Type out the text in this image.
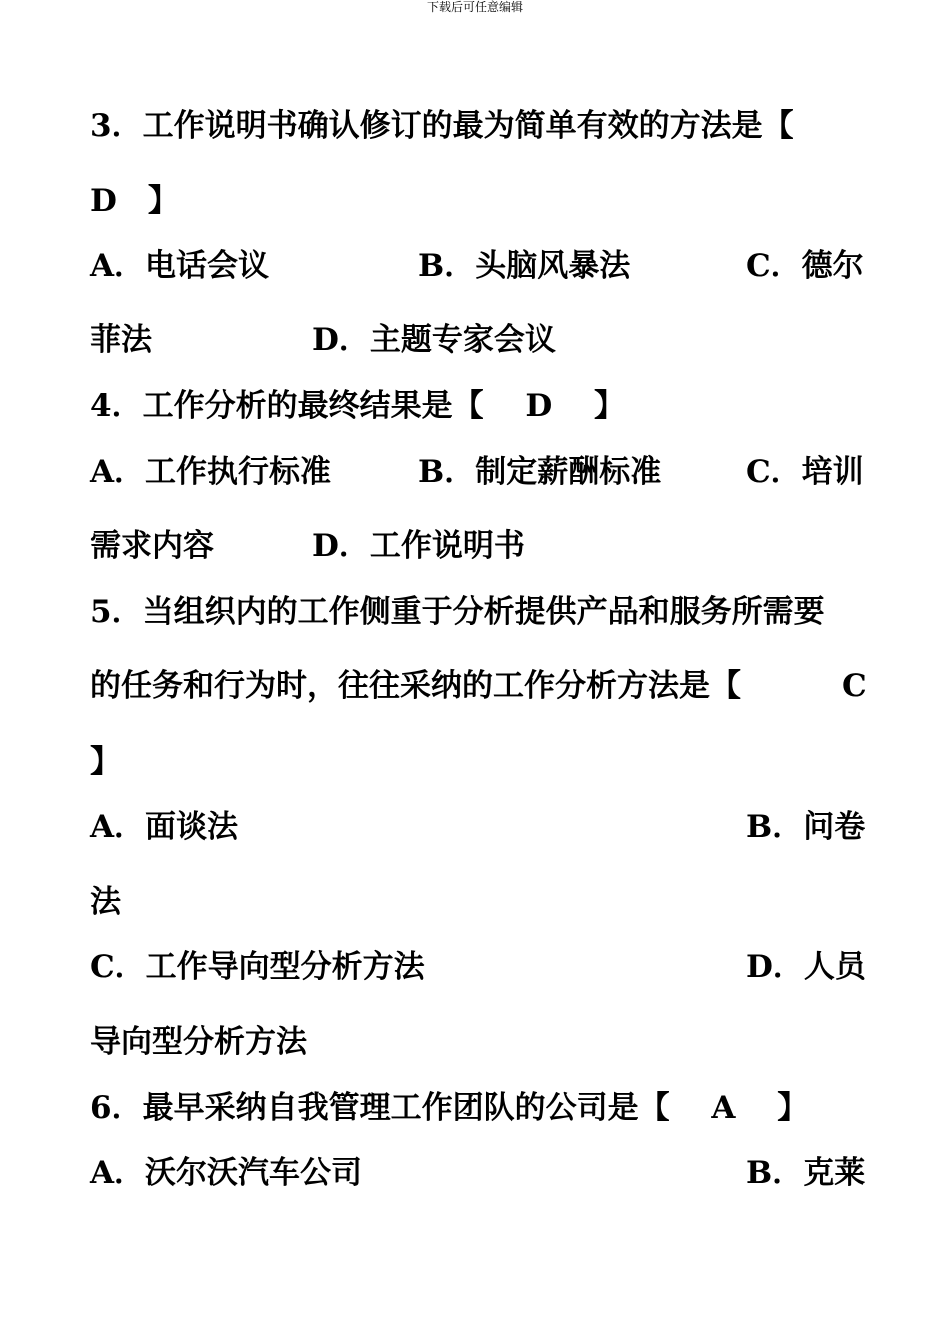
下载后可任意编辑
3．工作说明书确认修订的最为简单有效的方法是【
D　】
A．电话会议	B．头脑风暴法	C．德尔
菲法	D．主题专家会议
4．工作分析的最终结果是【　 D　 】
A．工作执行标准	B．制定薪酬标准	C．培训
需求内容	D．工作说明书
5．当组织内的工作侧重于分析提供产品和服务所需要
的任务和行为时，往往采纳的工作分析方法是【	C
】
A．面谈法	B．问卷
法
C．工作导向型分析方法	D．人员
导向型分析方法
6．最早采纳自我管理工作团队的公司是【　 A　 】
A．沃尔沃汽车公司	B．克莱
